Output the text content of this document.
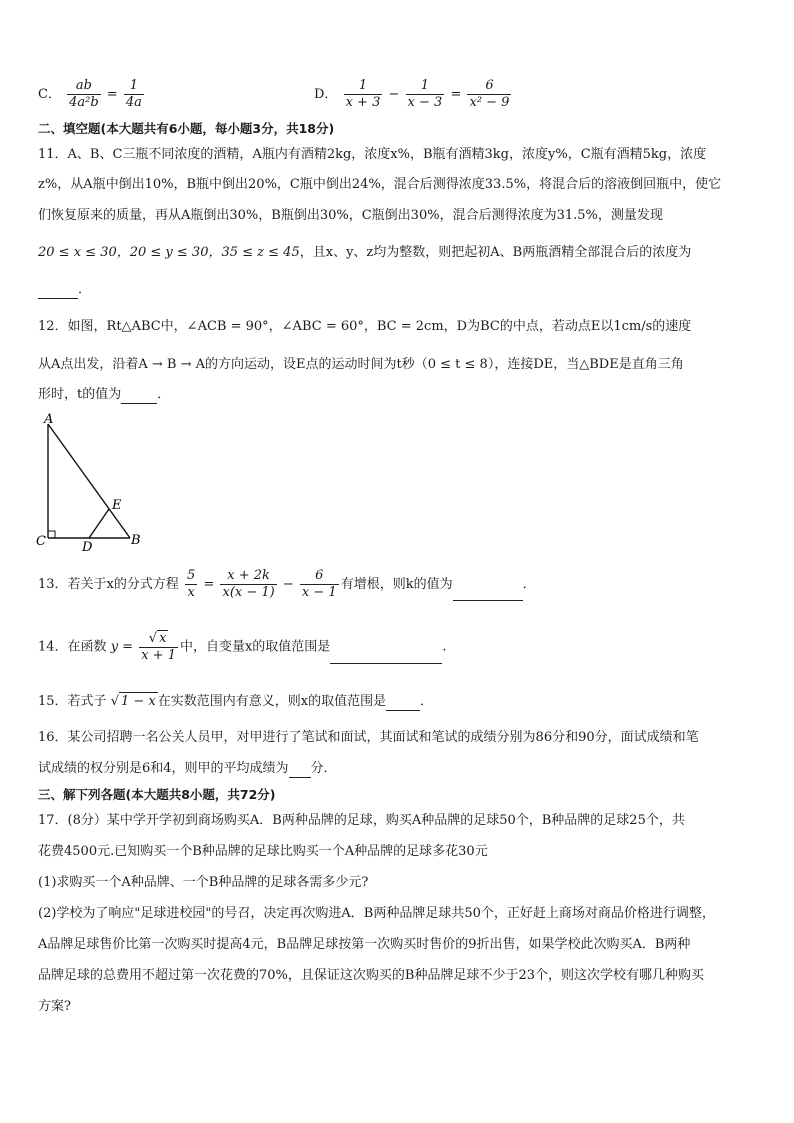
C． $\frac{ab}{\text{4a²b}} = \frac{1}{4a}$	D． $\frac{1}{x + 3} - \frac{1}{x - 3} = \frac{6}{\text{x² − 9}}$
二、填空题(本大题共有6小题，每小题3分，共18分)
11．A、B、C三瓶不同浓度的酒精，A瓶内有酒精2kg，浓度x%，B瓶有酒精3kg，浓度y%，C瓶有酒精5kg，浓度
z%，从A瓶中倒出10%，B瓶中倒出20%，C瓶中倒出24%，混合后测得浓度33.5%，将混合后的溶液倒回瓶中，使它
们恢复原来的质量，再从A瓶倒出30%，B瓶倒出30%，C瓶倒出30%，混合后测得浓度为31.5%，测量发现
20 ≤ x ≤ 30，20 ≤ y ≤ 30，35 ≤ z ≤ 45，且x、y、z均为整数，则把起初A、B两瓶酒精全部混合后的浓度为
．
12．如图，Rt△ABC中，∠ACB = 90°，∠ABC = 60°，BC = 2cm，D为BC的中点，若动点E以1cm/s的速度
从A点出发，沿着A → B → A的方向运动，设E点的运动时间为t秒（0 ≤ t ≤ 8），连接DE，当△BDE是直角三角
形时，t的值为	．
A
C	D
E
B
13．若关于x的分式方程 $\frac{5}{x} = \frac{x + 2k}{x(x - 1)} - \frac{6}{x - 1}$ 有增根，则k的值为	．
14．在函数 $y = \frac{√ x}{x + 1}$ 中，自变量x的取值范围是	.
15．若式子 √ 1 − x 在实数范围内有意义，则x的取值范围是	．
16．某公司招聘一名公关人员甲，对甲进行了笔试和面试，其面试和笔试的成绩分别为86分和90分，面试成绩和笔
试成绩的权分别是6和4，则甲的平均成绩为 分．
三、解下列各题(本大题共8小题，共72分)
17．(8分）某中学开学初到商场购买A．B两种品牌的足球，购买A种品牌的足球50个，B种品牌的足球25个，共
花费4500元.已知购买一个B种品牌的足球比购买一个A种品牌的足球多花30元
(1)求购买一个A种品牌、一个B种品牌的足球各需多少元?
(2)学校为了响应"足球进校园"的号召，决定再次购进A．B两种品牌足球共50个，正好赶上商场对商品价格进行调整，
A品牌足球售价比第一次购买时提高4元，B品牌足球按第一次购买时售价的9折出售，如果学校此次购买A．B两种
品牌足球的总费用不超过第一次花费的70%，且保证这次购买的B种品牌足球不少于23个，则这次学校有哪几种购买
方案?
